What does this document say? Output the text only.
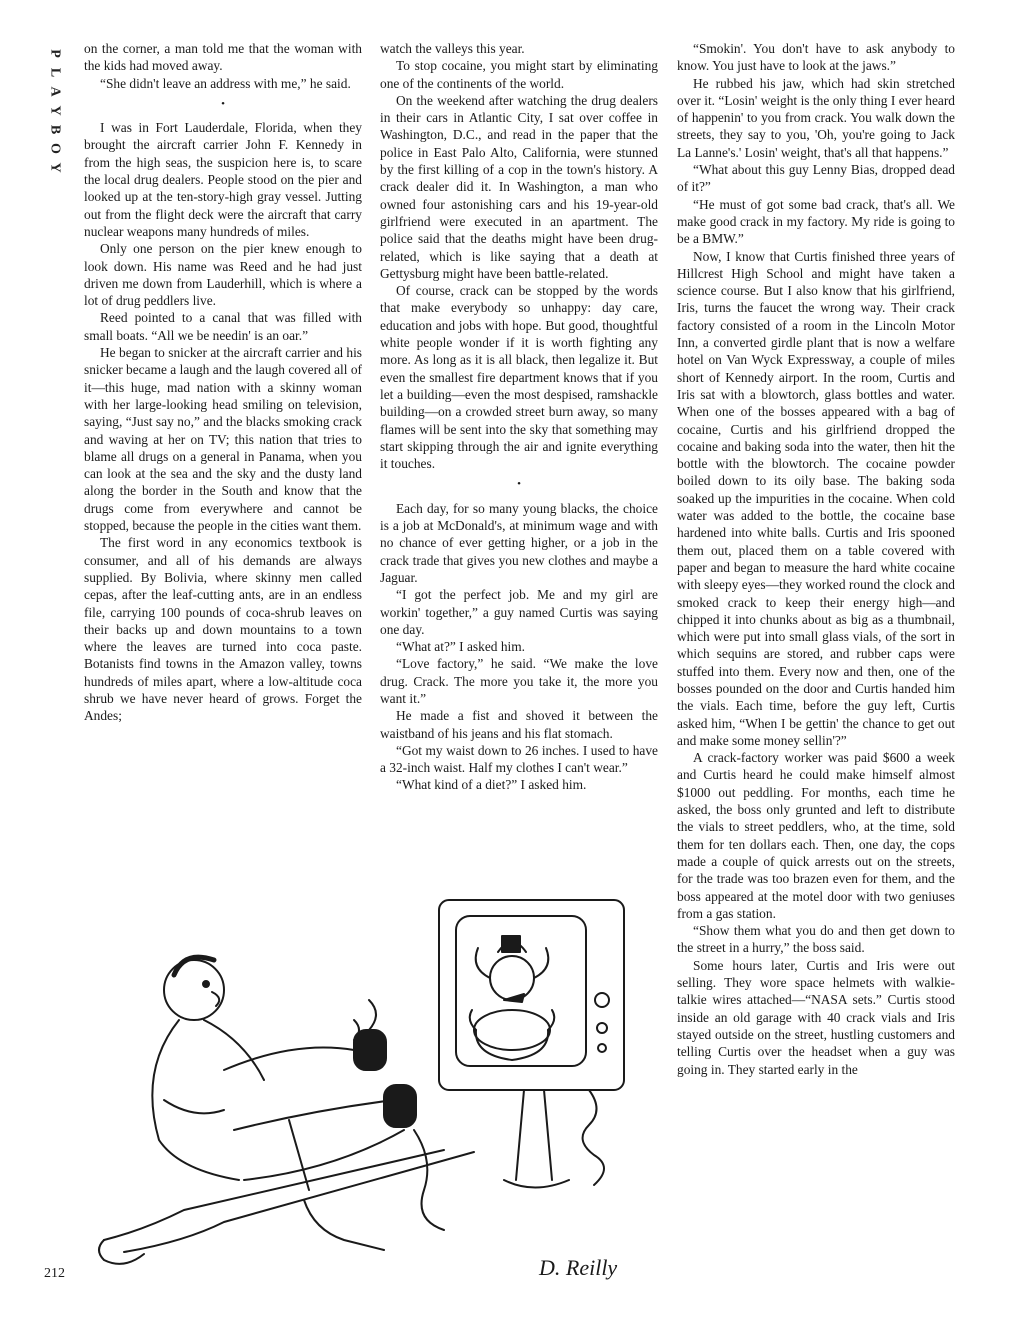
P
L
A
Y
B
O
Y

on the corner, a man told me that the woman with the kids had moved away.

“She didn't leave an address with me,” he said.

•

I was in Fort Lauderdale, Florida, when they brought the aircraft carrier John F. Kennedy in from the high seas, the suspicion here is, to scare the local drug dealers. People stood on the pier and looked up at the ten-story-high gray vessel. Jutting out from the flight deck were the aircraft that carry nuclear weapons many hundreds of miles.

Only one person on the pier knew enough to look down. His name was Reed and he had just driven me down from Lauderhill, which is where a lot of drug peddlers live.

Reed pointed to a canal that was filled with small boats. “All we be needin' is an oar.”

He began to snicker at the aircraft carrier and his snicker became a laugh and the laugh covered all of it—this huge, mad nation with a skinny woman with her large-looking head smiling on television, saying, “Just say no,” and the blacks smoking crack and waving at her on TV; this nation that tries to blame all drugs on a general in Panama, when you can look at the sea and the sky and the dusty land along the border in the South and know that the drugs come from everywhere and cannot be stopped, because the people in the cities want them.

The first word in any economics textbook is consumer, and all of his demands are always supplied. By Bolivia, where skinny men called cepas, after the leaf-cutting ants, are in an endless file, carrying 100 pounds of coca-shrub leaves on their backs up and down mountains to a town where the leaves are turned into coca paste. Botanists find towns in the Amazon valley, towns hundreds of miles apart, where a low-altitude coca shrub we have never heard of grows. Forget the Andes;

watch the valleys this year.

To stop cocaine, you might start by eliminating one of the continents of the world.

On the weekend after watching the drug dealers in their cars in Atlantic City, I sat over coffee in Washington, D.C., and read in the paper that the police in East Palo Alto, California, were stunned by the first killing of a cop in the town's history. A crack dealer did it. In Washington, a man who owned four astonishing cars and his 19-year-old girlfriend were executed in an apartment. The police said that the deaths might have been drug-related, which is like saying that a death at Gettysburg might have been battle-related.

Of course, crack can be stopped by the words that make everybody so unhappy: day care, education and jobs with hope. But good, thoughtful white people wonder if it is worth fighting any more. As long as it is all black, then legalize it. But even the smallest fire department knows that if you let a building—even the most despised, ramshackle building—on a crowded street burn away, so many flames will be sent into the sky that something may start skipping through the air and ignite everything it touches.

•

Each day, for so many young blacks, the choice is a job at McDonald's, at minimum wage and with no chance of ever getting higher, or a job in the crack trade that gives you new clothes and maybe a Jaguar.

“I got the perfect job. Me and my girl are workin' together,” a guy named Curtis was saying one day.

“What at?” I asked him.

“Love factory,” he said. “We make the love drug. Crack. The more you take it, the more you want it.”

He made a fist and shoved it between the waistband of his jeans and his flat stomach.

“Got my waist down to 26 inches. I used to have a 32-inch waist. Half my clothes I can't wear.”

“What kind of a diet?” I asked him.

“Smokin'. You don't have to ask anybody to know. You just have to look at the jaws.”

He rubbed his jaw, which had skin stretched over it. “Losin' weight is the only thing I ever heard of happenin' to you from crack. You walk down the streets, they say to you, 'Oh, you're going to Jack La Lanne's.' Losin' weight, that's all that happens.”

“What about this guy Lenny Bias, dropped dead of it?”

“He must of got some bad crack, that's all. We make good crack in my factory. My ride is going to be a BMW.”

Now, I know that Curtis finished three years of Hillcrest High School and might have taken a science course. But I also know that his girlfriend, Iris, turns the faucet the wrong way. Their crack factory consisted of a room in the Lincoln Motor Inn, a converted girdle plant that is now a welfare hotel on Van Wyck Expressway, a couple of miles short of Kennedy airport. In the room, Curtis and Iris sat with a blowtorch, glass bottles and water. When one of the bosses appeared with a bag of cocaine, Curtis and his girlfriend dropped the cocaine and baking soda into the water, then hit the bottle with the blowtorch. The cocaine powder boiled down to its oily base. The baking soda soaked up the impurities in the cocaine. When cold water was added to the bottle, the cocaine base hardened into white balls. Curtis and Iris spooned them out, placed them on a table covered with paper and began to measure the hard white cocaine with sleepy eyes—they worked round the clock and smoked crack to keep their energy high—and chipped it into chunks about as big as a thumbnail, which were put into small glass vials, of the sort in which sequins are stored, and rubber caps were stuffed into them. Every now and then, one of the bosses pounded on the door and Curtis handed him the vials. Each time, before the guy left, Curtis asked him, “When I be gettin' the chance to get out and make some money sellin'?”

A crack-factory worker was paid $600 a week and Curtis heard he could make himself almost $1000 out peddling. For months, each time he asked, the boss only grunted and left to distribute the vials to street peddlers, who, at the time, sold them for ten dollars each. Then, one day, the cops made a couple of quick arrests out on the streets, for the trade was too brazen even for them, and the boss appeared at the motel door with two geniuses from a gas station.

“Show them what you do and then get down to the street in a hurry,” the boss said.

Some hours later, Curtis and Iris were out selling. They wore space helmets with walkie-talkie wires attached—“NASA sets.” Curtis stood inside an old garage with 40 crack vials and Iris stayed outside on the street, hustling customers and telling Curtis over the headset when a guy was going in. They started early in the

D. Reilly
212
